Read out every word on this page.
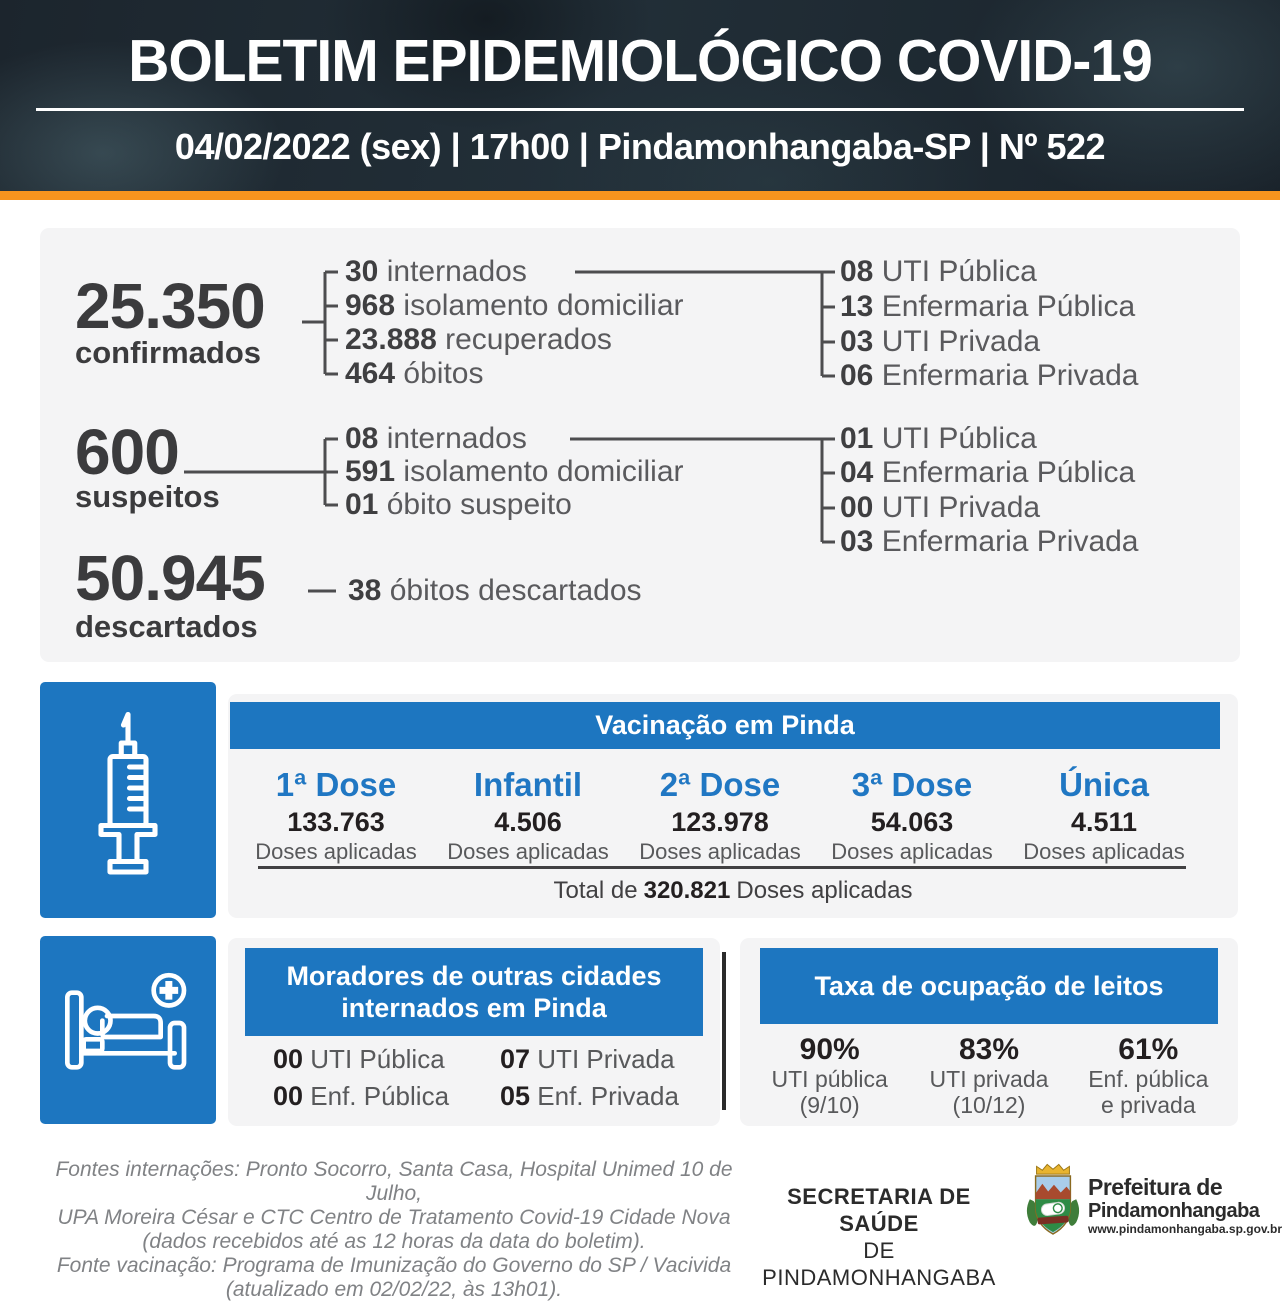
BOLETIM EPIDEMIOLÓGICO COVID-19
04/02/2022 (sex) | 17h00 | Pindamonhangaba-SP | Nº 522
25.350
confirmados
30 internados
968 isolamento domiciliar
23.888 recuperados
464 óbitos
08 UTI Pública
13 Enfermaria Pública
03 UTI Privada
06 Enfermaria Privada
600
suspeitos
08 internados
591 isolamento domiciliar
01 óbito suspeito
01 UTI Pública
04 Enfermaria Pública
00 UTI Privada
03 Enfermaria Privada
50.945
descartados
38 óbitos descartados
Vacinação em Pinda
1ª Dose
133.763
Doses aplicadas
Infantil
4.506
Doses aplicadas
2ª Dose
123.978
Doses aplicadas
3ª Dose
54.063
Doses aplicadas
Única
4.511
Doses aplicadas
Total de 320.821 Doses aplicadas
Moradores de outras cidades internados em Pinda
00 UTI Pública 07 UTI Privada
00 Enf. Pública 05 Enf. Privada
Taxa de ocupação de leitos
90%
UTI pública
(9/10)
83%
UTI privada
(10/12)
61%
Enf. pública
e privada
Fontes internações: Pronto Socorro, Santa Casa, Hospital Unimed 10 de Julho,
UPA Moreira César e CTC Centro de Tratamento Covid-19 Cidade Nova
(dados recebidos até as 12 horas da data do boletim).
Fonte vacinação: Programa de Imunização do Governo do SP / Vacivida
(atualizado em 02/02/22, às 13h01).
SECRETARIA DE SAÚDE
DE PINDAMONHANGABA
Prefeitura de
Pindamonhangaba
www.pindamonhangaba.sp.gov.br
